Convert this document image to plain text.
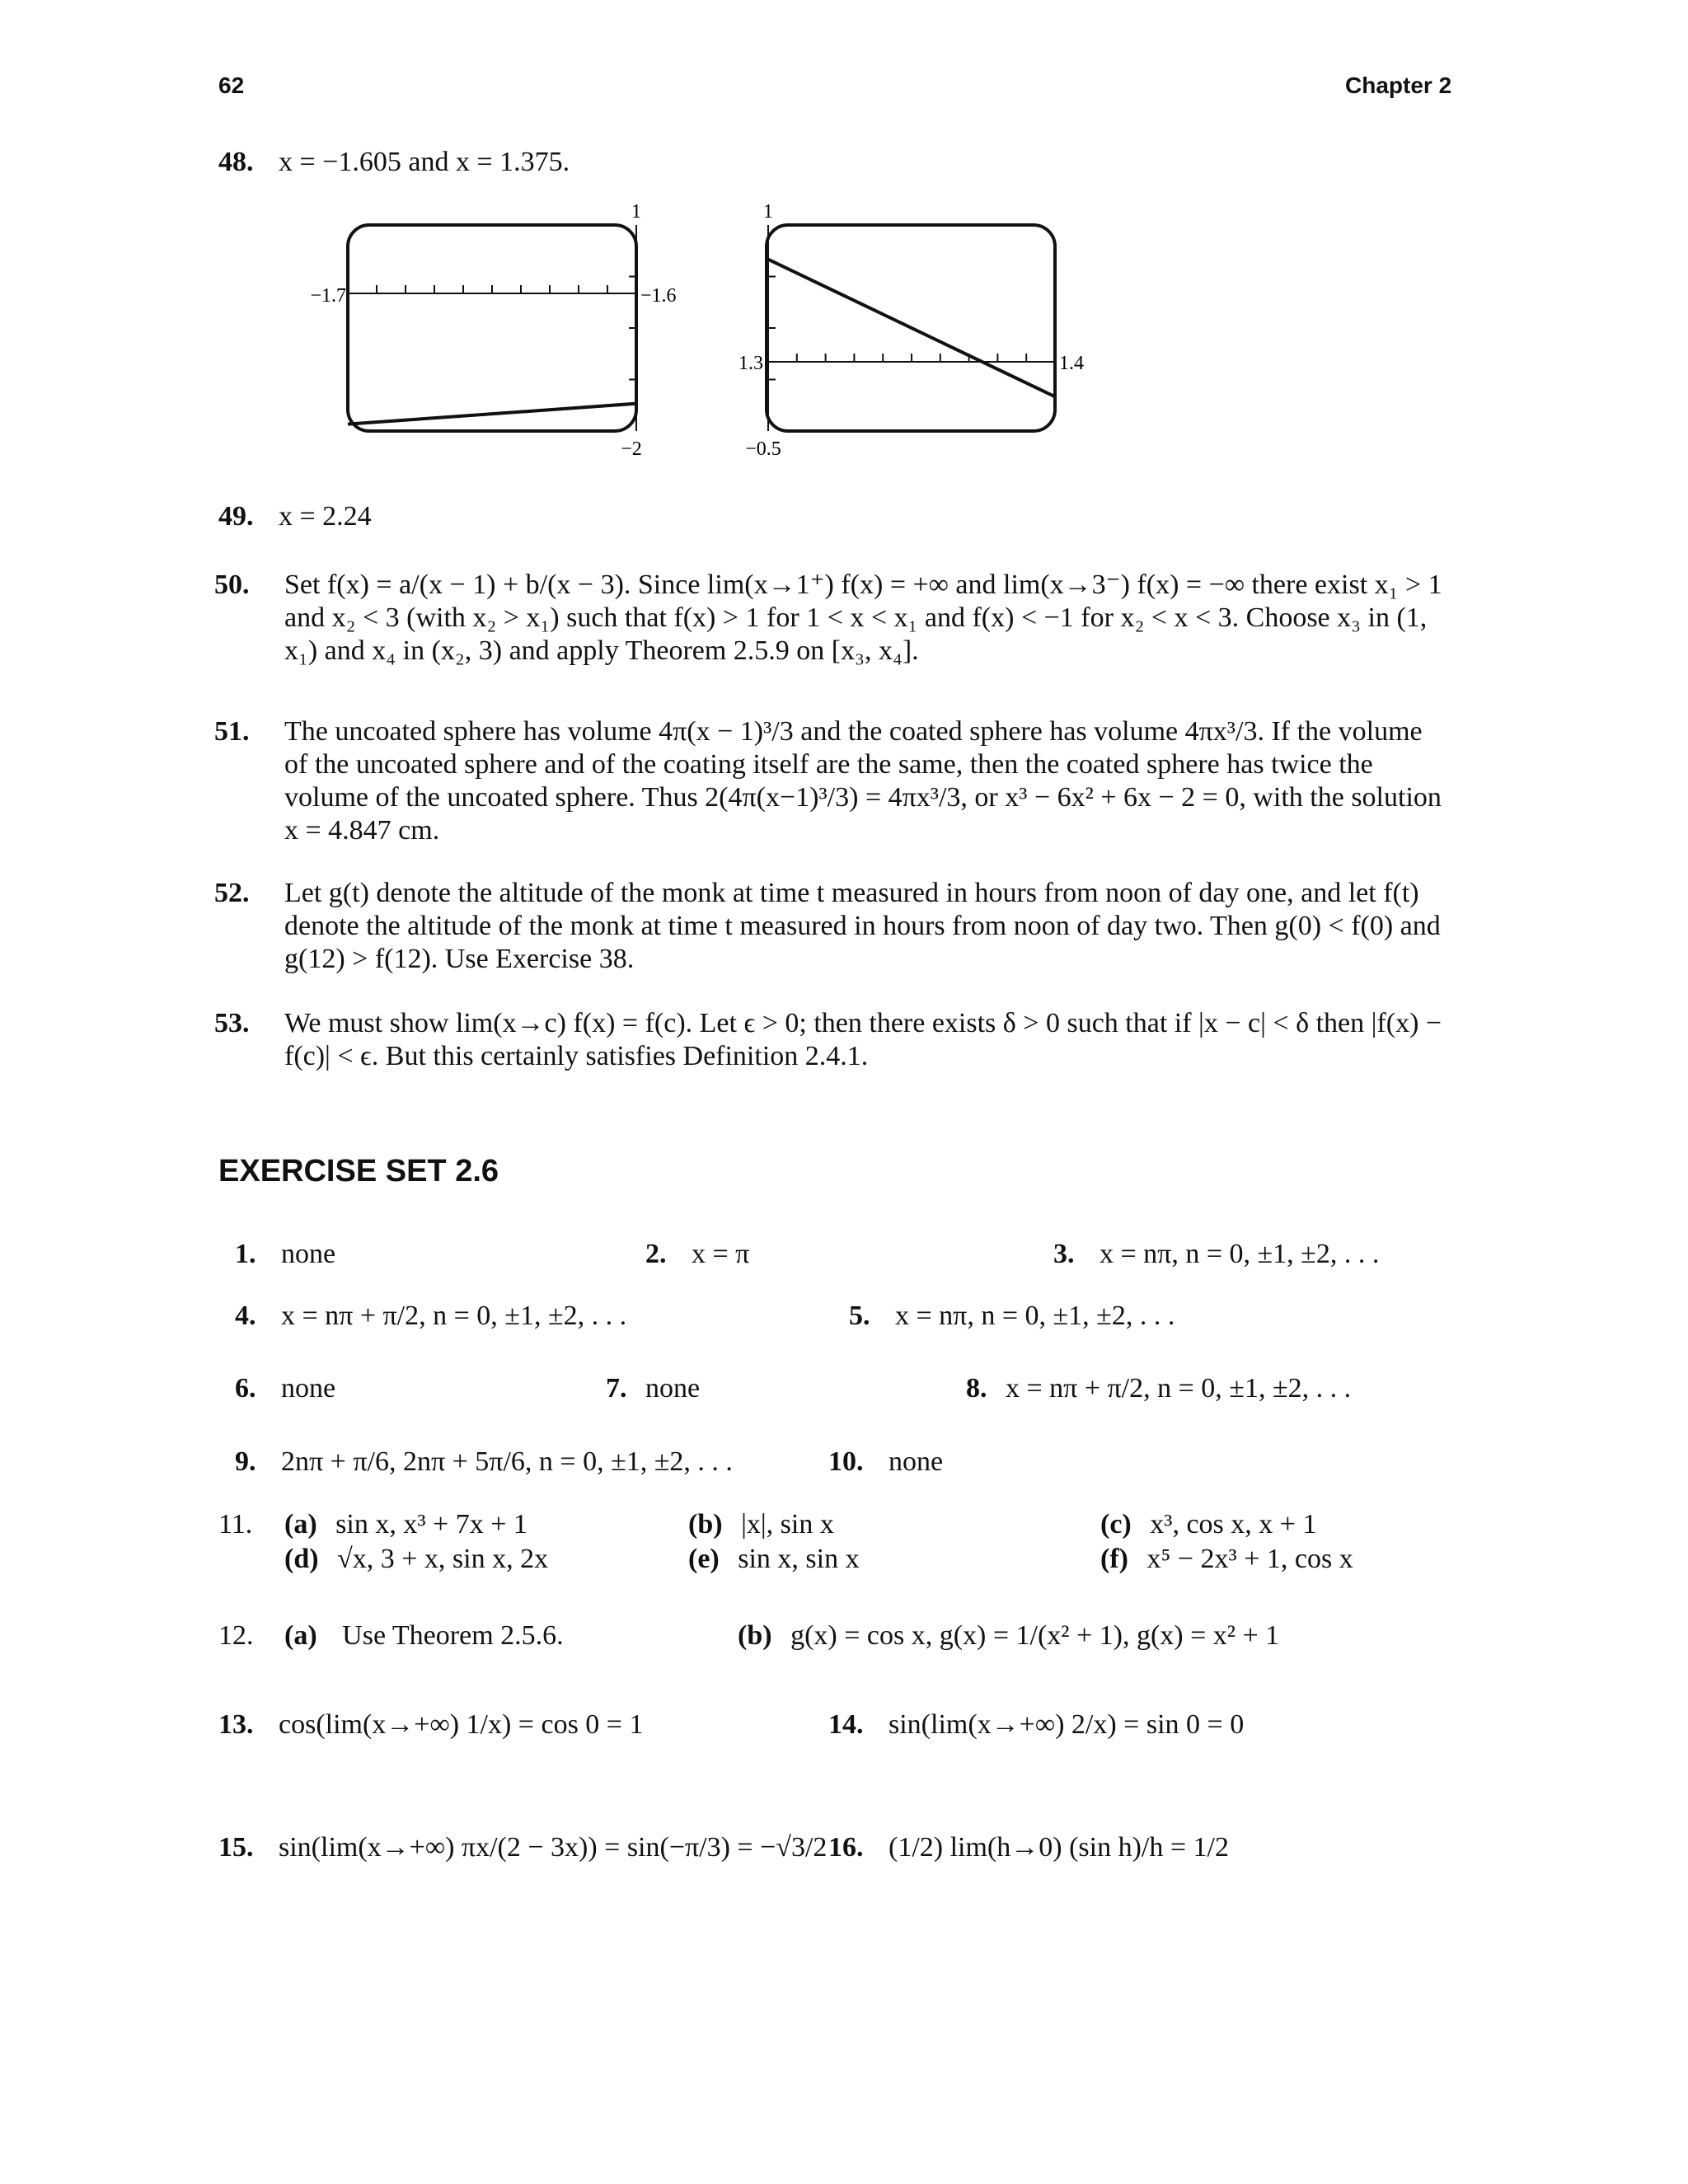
62	Chapter 2
48. x = −1.605 and x = 1.375.
−1.7	−1.6
1
−2
1.3	1.4
1
−0.5
49. x = 2.24
50. Set f(x) = a/(x − 1) + b/(x − 3). Since lim(x→1⁺) f(x) = +∞ and lim(x→3⁻) f(x) = −∞ there exist x₁ > 1 and x₂ < 3 (with x₂ > x₁) such that f(x) > 1 for 1 < x < x₁ and f(x) < −1 for x₂ < x < 3. Choose x₃ in (1, x₁) and x₄ in (x₂, 3) and apply Theorem 2.5.9 on [x₃, x₄].
51. The uncoated sphere has volume 4π(x − 1)³/3 and the coated sphere has volume 4πx³/3. If the volume of the uncoated sphere and of the coating itself are the same, then the coated sphere has twice the volume of the uncoated sphere. Thus 2(4π(x−1)³/3) = 4πx³/3, or x³ − 6x² + 6x − 2 = 0, with the solution x = 4.847 cm.
52. Let g(t) denote the altitude of the monk at time t measured in hours from noon of day one, and let f(t) denote the altitude of the monk at time t measured in hours from noon of day two. Then g(0) < f(0) and g(12) > f(12). Use Exercise 38.
53. We must show lim(x→c) f(x) = f(c). Let ϵ > 0; then there exists δ > 0 such that if |x − c| < δ then |f(x) − f(c)| < ϵ. But this certainly satisfies Definition 2.4.1.
EXERCISE SET 2.6
1. none	2. x = π	3. x = nπ, n = 0, ±1, ±2, . . .
4. x = nπ + π/2, n = 0, ±1, ±2, . . .	5. x = nπ, n = 0, ±1, ±2, . . .
6. none	7. none	8. x = nπ + π/2, n = 0, ±1, ±2, . . .
9. 2nπ + π/6, 2nπ + 5π/6, n = 0, ±1, ±2, . . .	10. none
11. (a) sin x, x³ + 7x + 1	(b) |x|, sin x	(c) x³, cos x, x + 1
(d) √x, 3 + x, sin x, 2x	(e) sin x, sin x	(f) x⁵ − 2x³ + 1, cos x
12. (a) Use Theorem 2.5.6.	(b) g(x) = cos x, g(x) = 1/(x² + 1), g(x) = x² + 1
13. cos(lim(x→+∞) 1/x) = cos 0 = 1	14. sin(lim(x→+∞) 2/x) = sin 0 = 0
15. sin(lim(x→+∞) πx/(2 − 3x)) = sin(−π/3) = −√3/2 16. (1/2) lim(h→0) (sin h)/h = 1/2
